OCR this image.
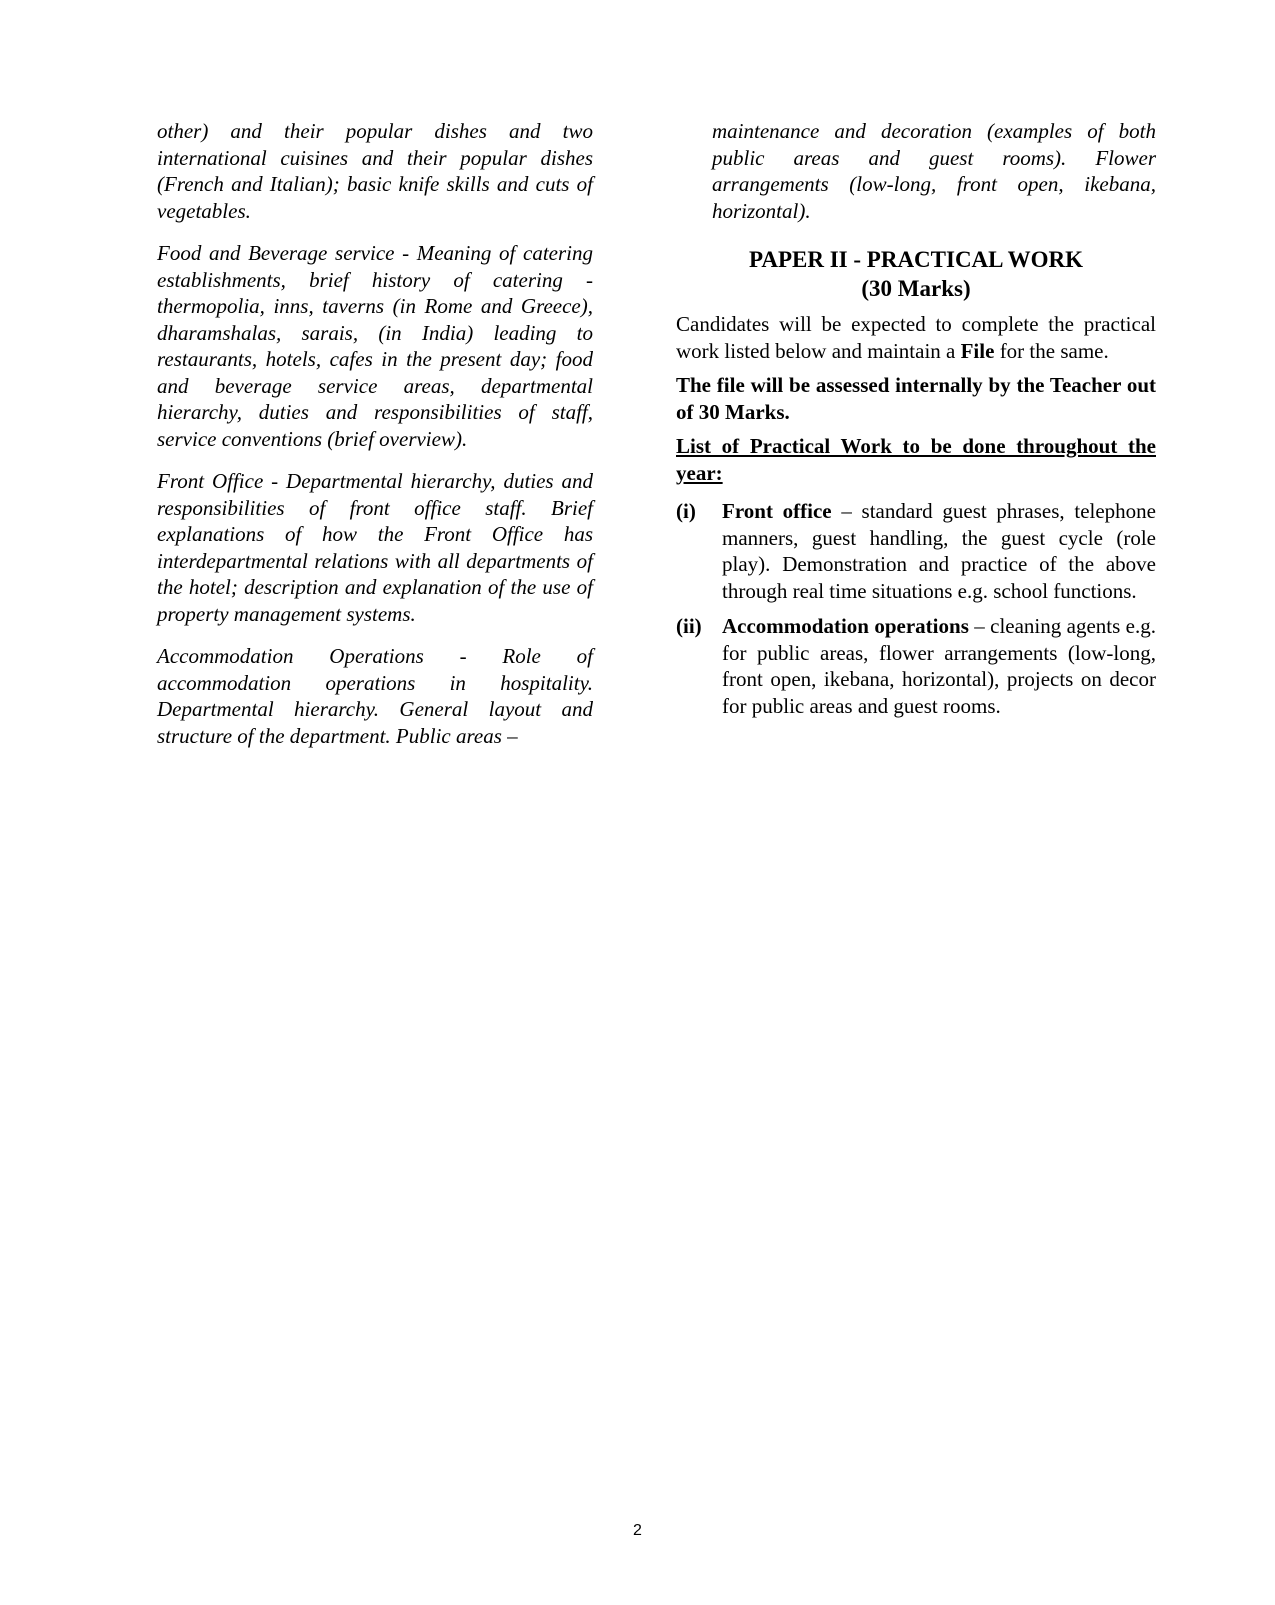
other) and their popular dishes and two international cuisines and their popular dishes (French and Italian); basic knife skills and cuts of vegetables.

Food and Beverage service - Meaning of catering establishments, brief history of catering - thermopolia, inns, taverns (in Rome and Greece), dharamshalas, sarais, (in India) leading to restaurants, hotels, cafes in the present day; food and beverage service areas, departmental hierarchy, duties and responsibilities of staff, service conventions (brief overview).

Front Office - Departmental hierarchy, duties and responsibilities of front office staff. Brief explanations of how the Front Office has interdepartmental relations with all departments of the hotel; description and explanation of the use of property management systems.

Accommodation Operations - Role of accommodation operations in hospitality. Departmental hierarchy. General layout and structure of the department. Public areas –

maintenance and decoration (examples of both public areas and guest rooms). Flower arrangements (low-long, front open, ikebana, horizontal).

PAPER II - PRACTICAL WORK
(30 Marks)

Candidates will be expected to complete the practical work listed below and maintain a File for the same.

The file will be assessed internally by the Teacher out of 30 Marks.

List of Practical Work to be done throughout the year:

(i)	Front office – standard guest phrases, telephone manners, guest handling, the guest cycle (role play). Demonstration and practice of the above through real time situations e.g. school functions.
(ii) Accommodation operations – cleaning agents e.g. for public areas, flower arrangements (low-long, front open, ikebana, horizontal), projects on decor for public areas and guest rooms.
2
